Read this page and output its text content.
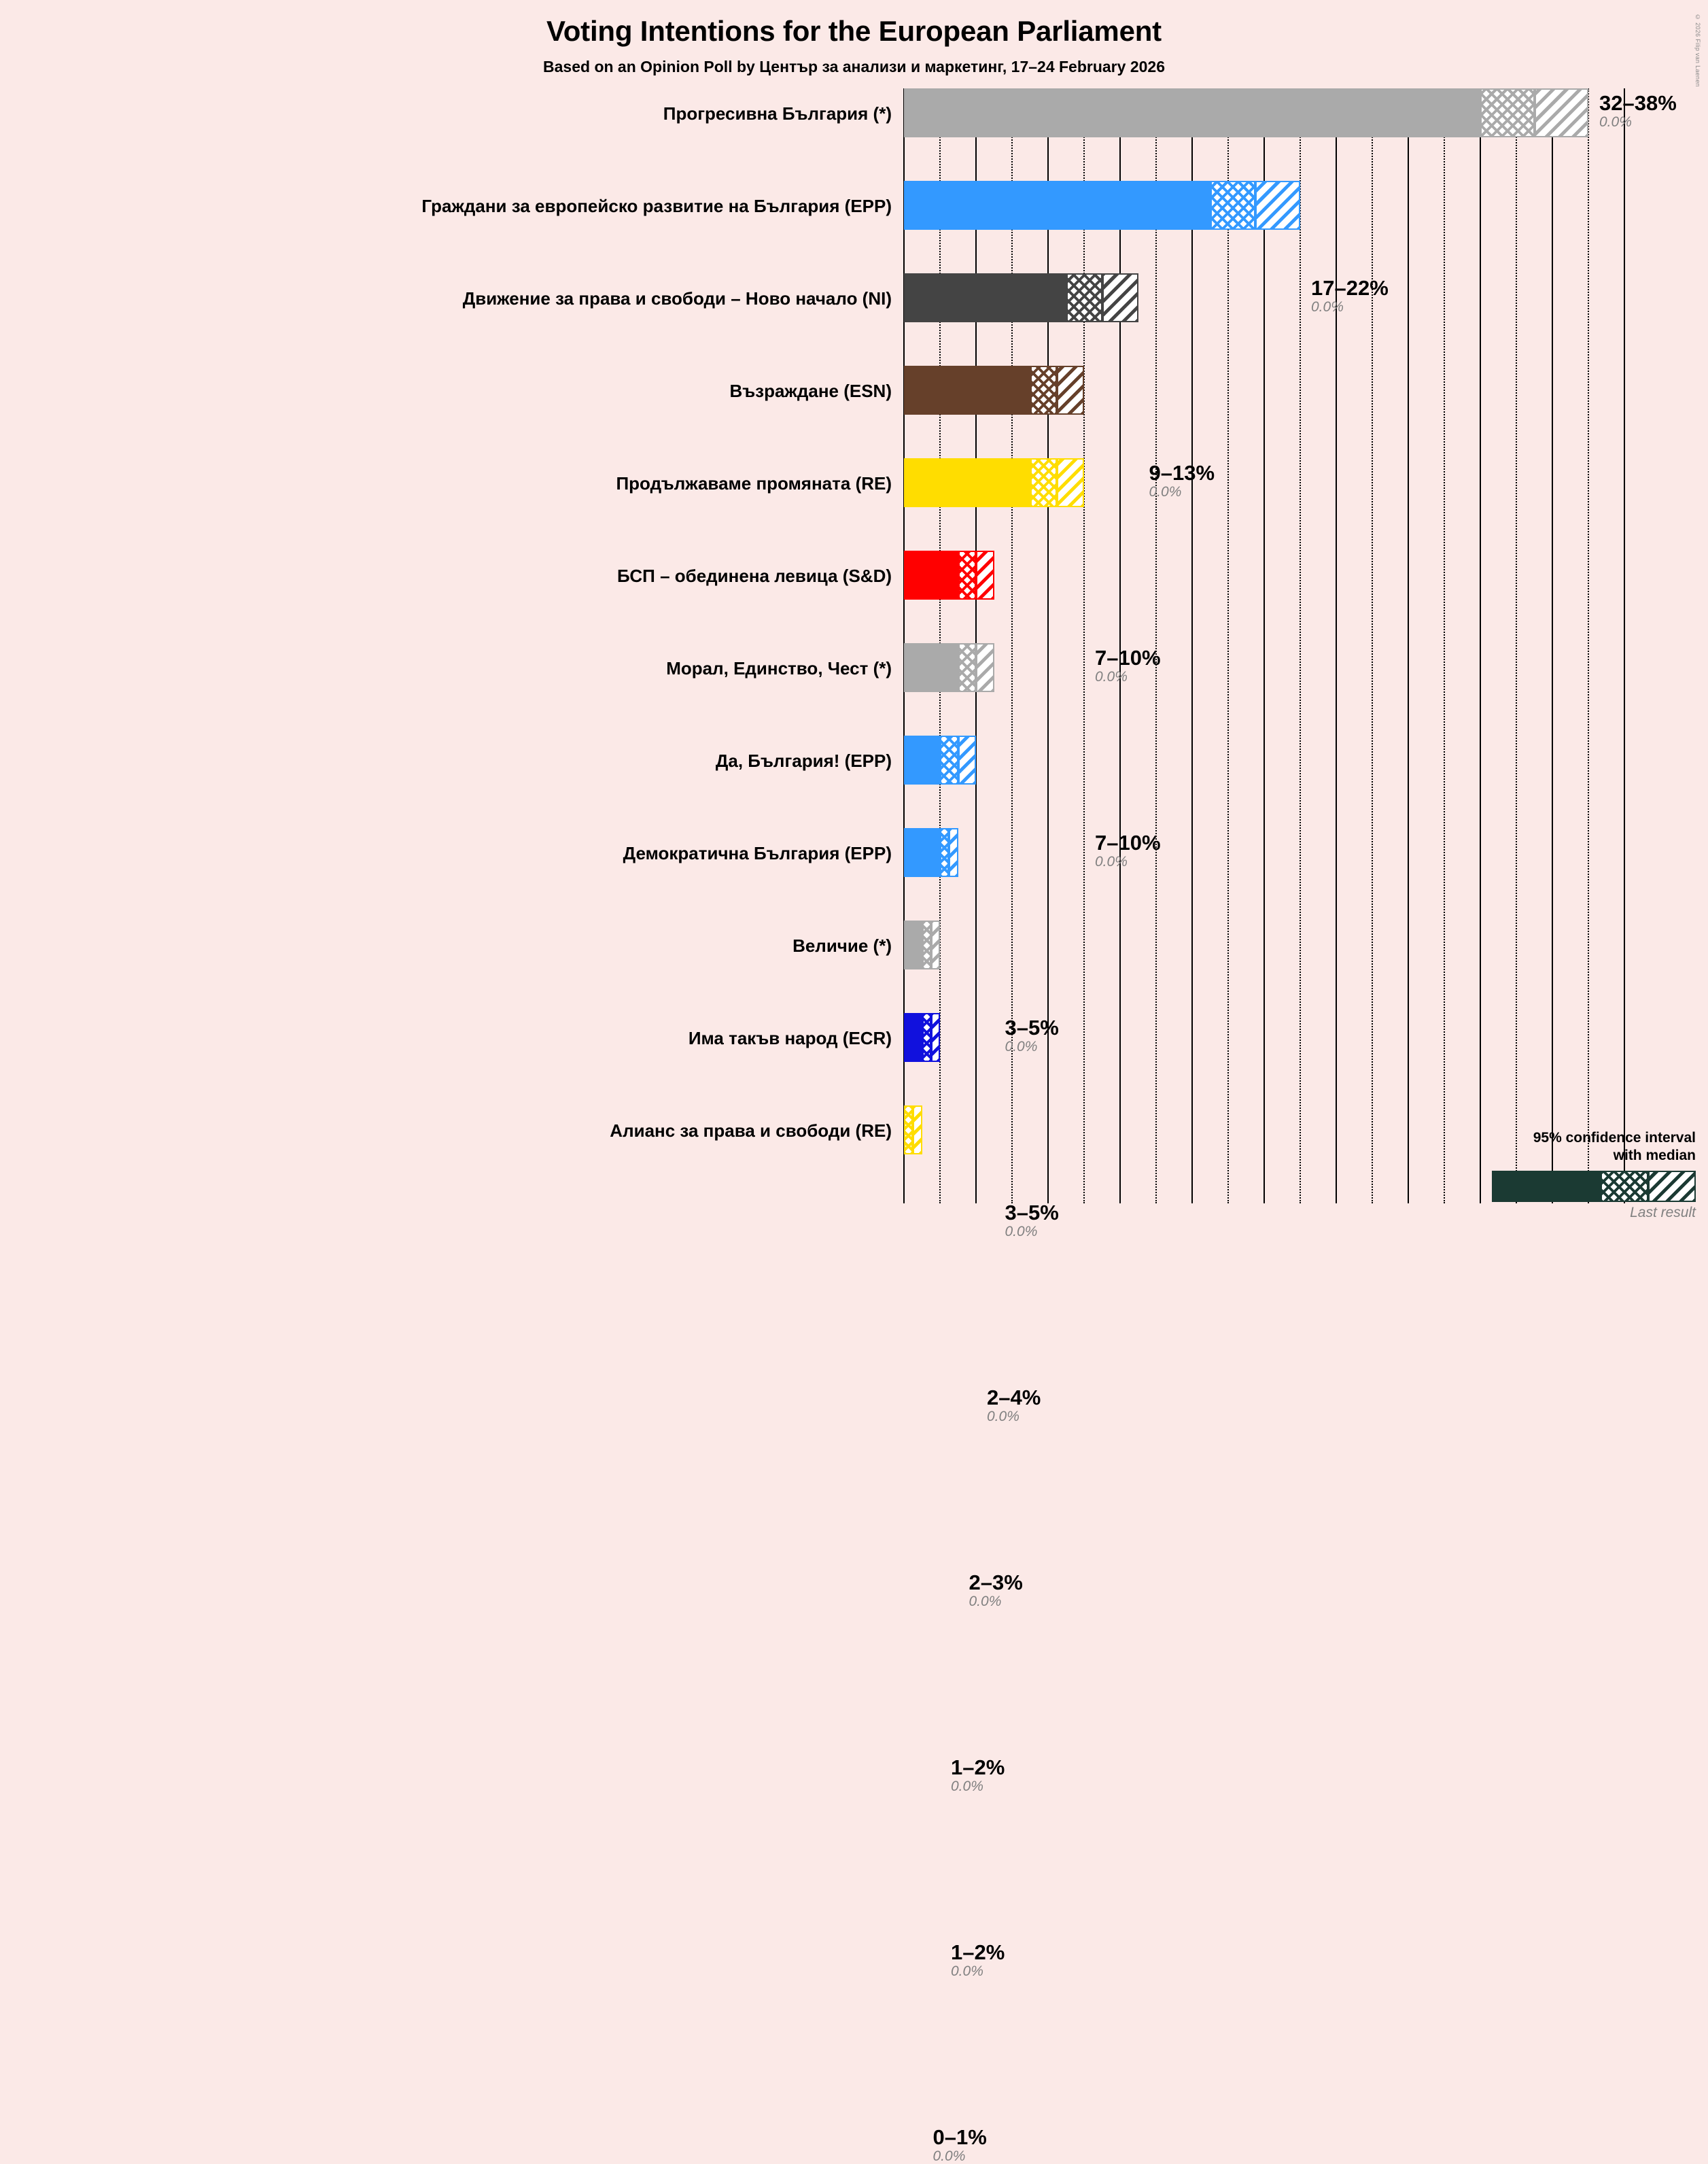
Voting Intentions for the European Parliament
Based on an Opinion Poll by Център за анализи и маркетинг, 17–24 February 2026	© 2026 Filip van Laenen
Прогресивна България (*)	32–38%
0.0%
Граждани за европейско развитие на България (EPP)
17–22%
0.0%
Движение за права и свободи – Ново начало (NI)
9–13%
0.0%
Възраждане (ESN)
7–10%
0.0%
Продължаваме промяната (RE)
7–10%
0.0%
БСП – обединена левица (S&D)
3–5%
0.0%
Морал, Единство, Чест (*)
3–5%
0.0%
Да, България! (EPP)
2–4%
0.0%
Демократична България (EPP)
2–3%
0.0%
Величие (*)
1–2%
0.0%
Има такъв народ (ECR)
1–2%
0.0%
Алианс за права и свободи (RE)
0–1%
0.0%
95% confidence interval
with median
Last result
